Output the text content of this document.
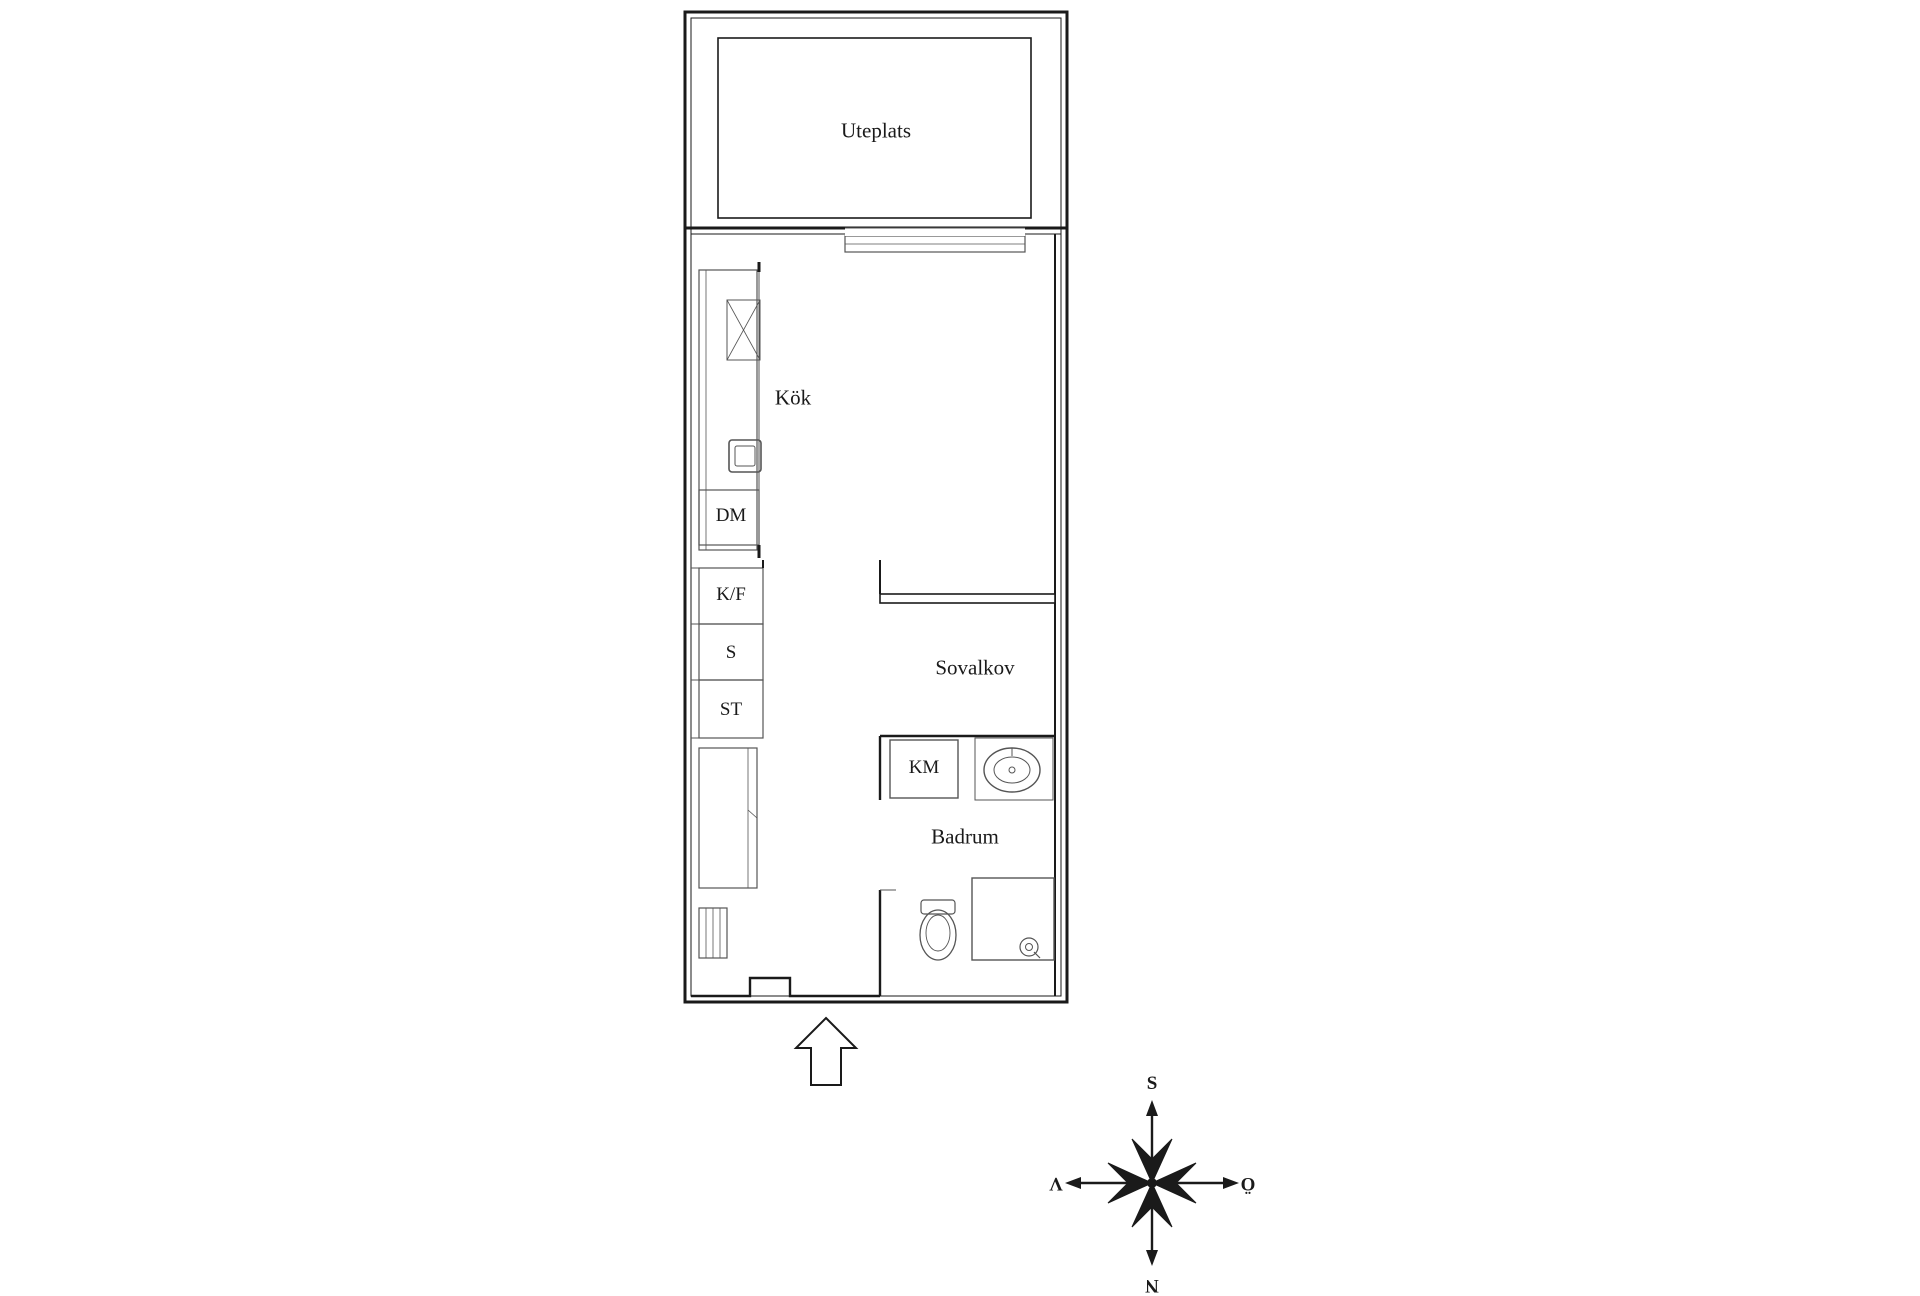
Uteplats
Kök
Sovalkov
Badrum
DM
K/F
S
ST
KM
S
N
Ö
V
